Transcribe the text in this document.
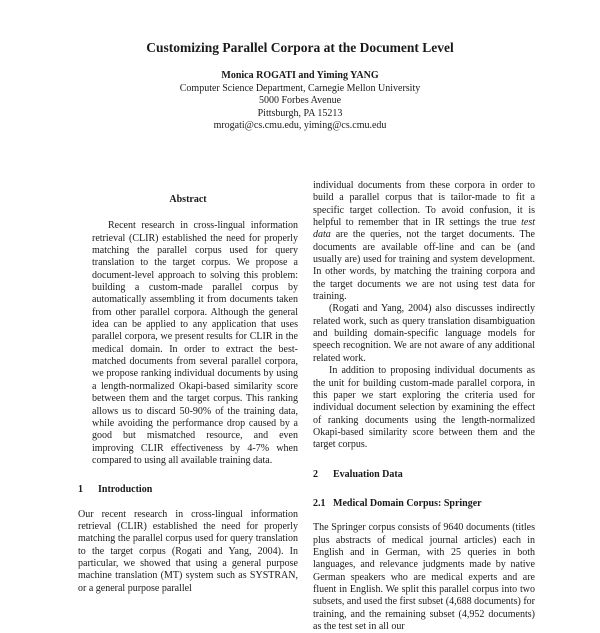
Customizing Parallel Corpora at the Document Level
Monica ROGATI and Yiming YANG
Computer Science Department, Carnegie Mellon University
5000 Forbes Avenue
Pittsburgh, PA 15213
mrogati@cs.cmu.edu, yiming@cs.cmu.edu
Abstract

Recent research in cross-lingual information retrieval (CLIR) established the need for properly matching the parallel corpus used for query translation to the target corpus. We propose a document-level approach to solving this problem: building a custom-made parallel corpus by automatically assembling it from documents taken from other parallel corpora. Although the general idea can be applied to any application that uses parallel corpora, we present results for CLIR in the medical domain. In order to extract the best-matched documents from several parallel corpora, we propose ranking individual documents by using a length-normalized Okapi-based similarity score between them and the target corpus. This ranking allows us to discard 50-90% of the training data, while avoiding the performance drop caused by a good but mismatched resource, and even improving CLIR effectiveness by 4-7% when compared to using all available training data.

1 Introduction

Our recent research in cross-lingual information retrieval (CLIR) established the need for properly matching the parallel corpus used for query translation to the target corpus (Rogati and Yang, 2004). In particular, we showed that using a general purpose machine translation (MT) system such as SYSTRAN, or a general purpose parallel

individual documents from these corpora in order to build a parallel corpus that is tailor-made to fit a specific target collection. To avoid confusion, it is helpful to remember that in IR settings the true test data are the queries, not the target documents. The documents are available off-line and can be (and usually are) used for training and system development. In other words, by matching the training corpora and the target documents we are not using test data for training.

(Rogati and Yang, 2004) also discusses indirectly related work, such as query translation disambiguation and building domain-specific language models for speech recognition. We are not aware of any additional related work.

In addition to proposing individual documents as the unit for building custom-made parallel corpora, in this paper we start exploring the criteria used for individual document selection by examining the effect of ranking documents using the length-normalized Okapi-based similarity score between them and the target corpus.

2 Evaluation Data
2.1 Medical Domain Corpus: Springer

The Springer corpus consists of 9640 documents (titles plus abstracts of medical journal articles) each in English and in German, with 25 queries in both languages, and relevance judgments made by native German speakers who are medical experts and are fluent in English. We split this parallel corpus into two subsets, and used the first subset (4,688 documents) for training, and the remaining subset (4,952 documents) as the test set in all our
